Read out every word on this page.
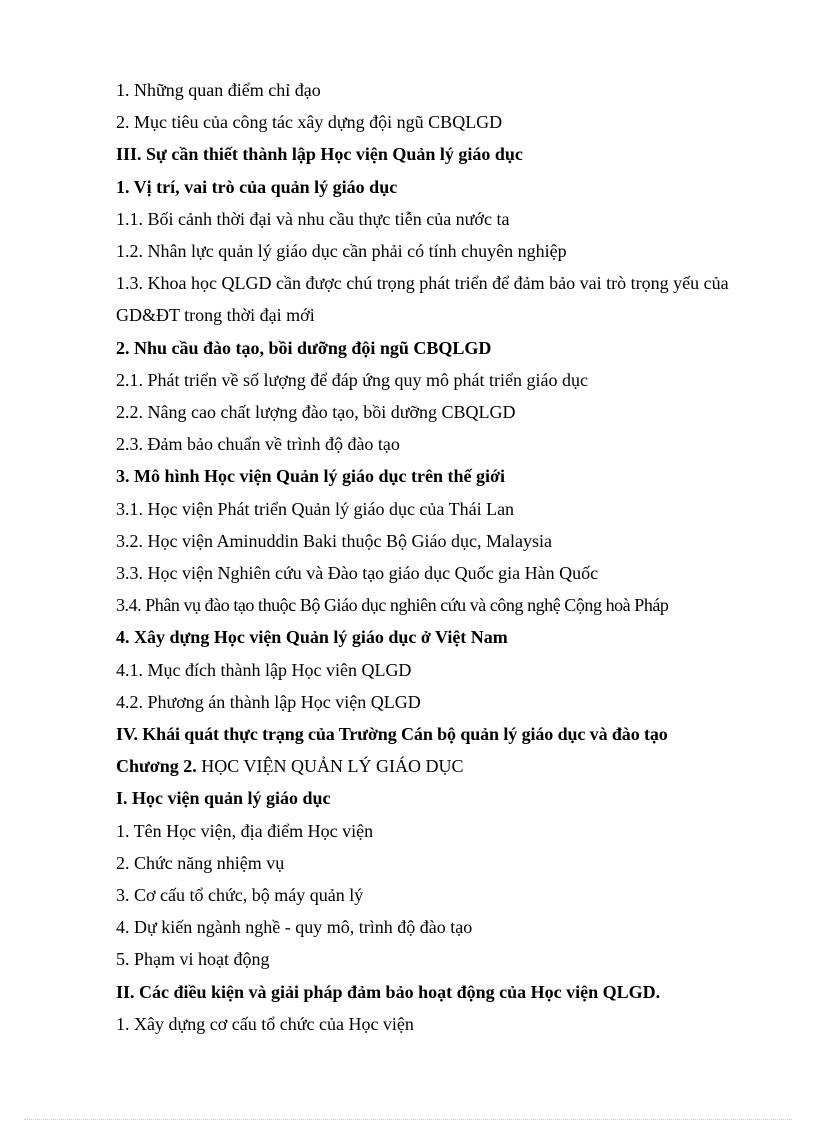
1. Những quan điểm chỉ đạo

2. Mục tiêu của công tác xây dựng đội ngũ CBQLGD

III. Sự cần thiết thành lập Học viện Quản lý giáo dục

1. Vị trí, vai trò của quản lý giáo dục

1.1. Bối cảnh thời đại và nhu cầu thực tiễn của nước ta

1.2. Nhân lực quản lý giáo dục cần phải có tính chuyên nghiệp

1.3. Khoa học QLGD cần được chú trọng phát triển để đảm bảo vai trò trọng yếu của GD&ĐT trong thời đại mới

2. Nhu cầu đào tạo, bồi dưỡng đội ngũ CBQLGD

2.1. Phát triển về số lượng để đáp ứng quy mô phát triển giáo dục

2.2. Nâng cao chất lượng đào tạo, bồi dưỡng CBQLGD

2.3. Đảm bảo chuẩn về trình độ đào tạo

3. Mô hình Học viện Quản lý giáo dục trên thế giới

3.1. Học viện Phát triển Quản lý giáo dục của Thái Lan

3.2. Học viện Aminuddin Baki thuộc Bộ Giáo dục, Malaysia

3.3. Học viện Nghiên cứu và Đào tạo giáo dục Quốc gia Hàn Quốc

3.4. Phân vụ đào tạo thuộc Bộ Giáo dục nghiên cứu và công nghệ Cộng hoà Pháp

4. Xây dựng Học viện Quản lý giáo dục ở Việt Nam

4.1. Mục đích thành lập Học viên QLGD

4.2. Phương án thành lập Học viện QLGD

IV. Khái quát thực trạng của Trường Cán bộ quản lý giáo dục và đào tạo

Chương 2. HỌC VIỆN QUẢN LÝ GIÁO DỤC

I. Học viện quản lý giáo dục

1. Tên Học viện, địa điểm Học viện

2. Chức năng nhiệm vụ

3. Cơ cấu tổ chức, bộ máy quản lý

4. Dự kiến ngành nghề - quy mô, trình độ đào tạo

5. Phạm vi hoạt động

II. Các điều kiện và giải pháp đảm bảo hoạt động của Học viện QLGD.

1. Xây dựng cơ cấu tổ chức của Học viện
